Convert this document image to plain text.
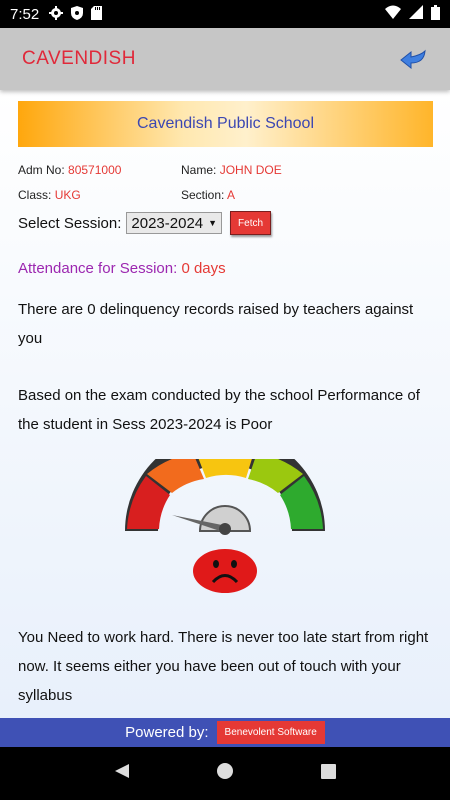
7:52
CAVENDISH
Cavendish Public School
Adm No: 80571000	Name: JOHN DOE
Class: UKG	Section: A
Select Session: 2023-2024 ▼	Fetch
Attendance for Session: 0 days
There are 0 delinquency records raised by teachers against you
Based on the exam conducted by the school Performance of the student in Sess 2023-2024 is Poor
You Need to work hard. There is never too late start from right now. It seems either you have been out of touch with your syllabus
Powered by:	Benevolent Software
